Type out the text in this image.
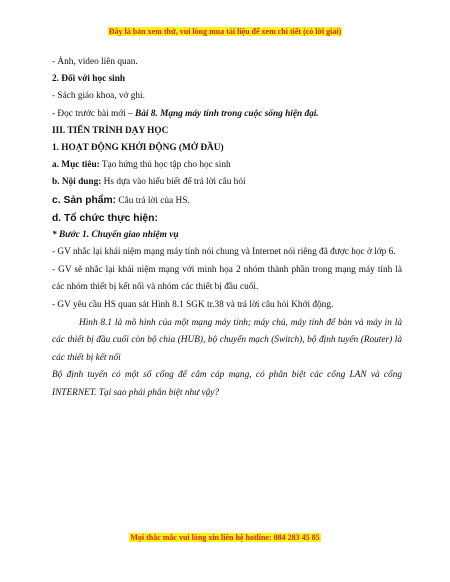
Đây là bản xem thử, vui lòng mua tài liệu để xem chi tiết (có lời giải)
- Ảnh, video liên quan.
2. Đối với học sinh
- Sách giáo khoa, vở ghi.
- Đọc trước bài mới – Bài 8. Mạng máy tính trong cuộc sống hiện đại.
III. TIẾN TRÌNH DẠY HỌC
1. HOẠT ĐỘNG KHỞI ĐỘNG (MỞ ĐẦU)
a. Mục tiêu: Tạo hứng thú học tập cho học sinh
b. Nội dung: Hs dựa vào hiểu biết để trả lời câu hỏi
c. Sản phẩm: Câu trả lời của HS.
d. Tổ chức thực hiện:
* Bước 1. Chuyển giao nhiệm vụ
- GV nhắc lại khái niệm mạng máy tính nói chung và Internet nói riêng đã được học ở lớp 6.
- GV sẽ nhắc lại khái niệm mạng với minh họa 2 nhóm thành phần trong mạng máy tính là các nhóm thiết bị kết nối và nhóm các thiết bị đầu cuối.
- GV yêu cầu HS quan sát Hình 8.1 SGK tr.38 và trả lời câu hỏi Khởi động.
Hình 8.1 là mô hình của một mạng máy tính; máy chủ, máy tính để bàn và máy in là các thiết bị đầu cuối còn bộ chia (HUB), bộ chuyển mạch (Switch), bộ định tuyến (Router) là các thiết bị kết nối
Bộ định tuyến có một số cổng để cắm cáp mạng, có phân biệt các cổng LAN và cổng INTERNET. Tại sao phải phân biệt như vậy?
Mọi thắc mắc vui lòng xin liên hệ hotline: 084 283 45 85
